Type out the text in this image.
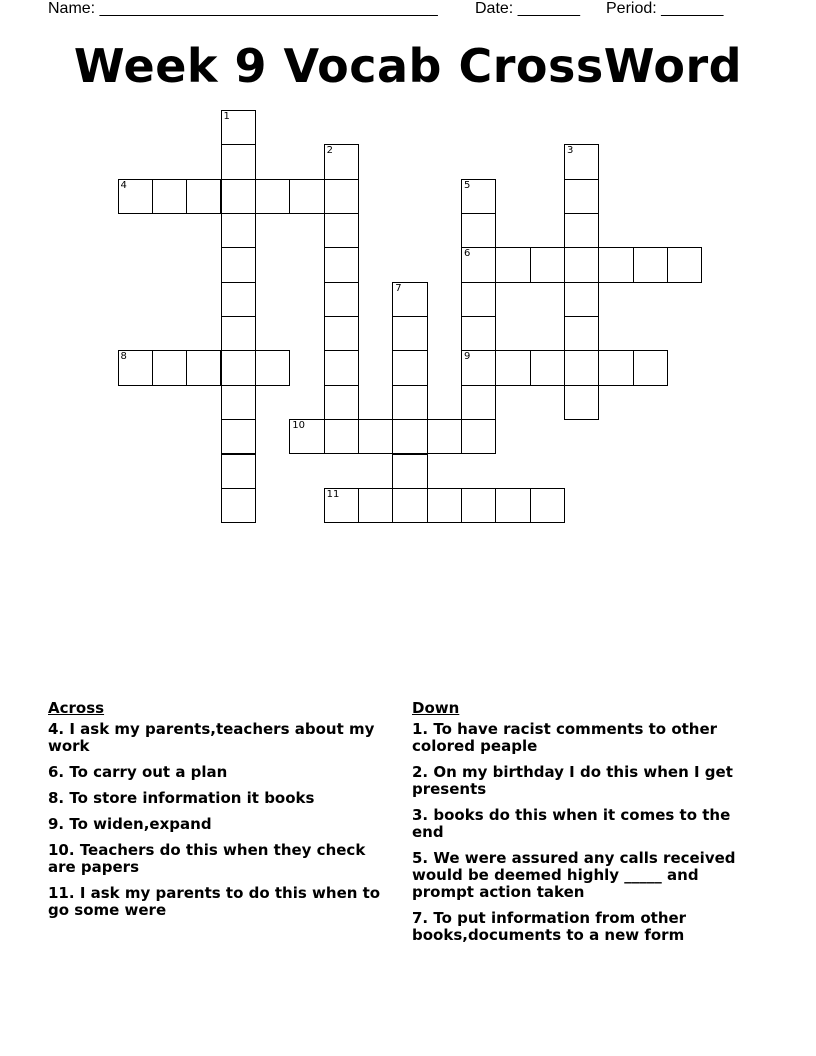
Name: ______________________________________ Date: _______ Period: _______
Week 9 Vocab CrossWord
1
2	3
4	5
6
9
7
8
10
11
Across
4. I ask my parents,teachers about my work
6. To carry out a plan
8. To store information it books
9. To widen,expand
10. Teachers do this when they check are papers
11. I ask my parents to do this when to go some were
Down
1. To have racist comments to other colored peaple
2. On my birthday I do this when I get presents
3. books do this when it comes to the end
5. We were assured any calls received would be deemed highly _____ and prompt action taken
7. To put information from other books,documents to a new form
